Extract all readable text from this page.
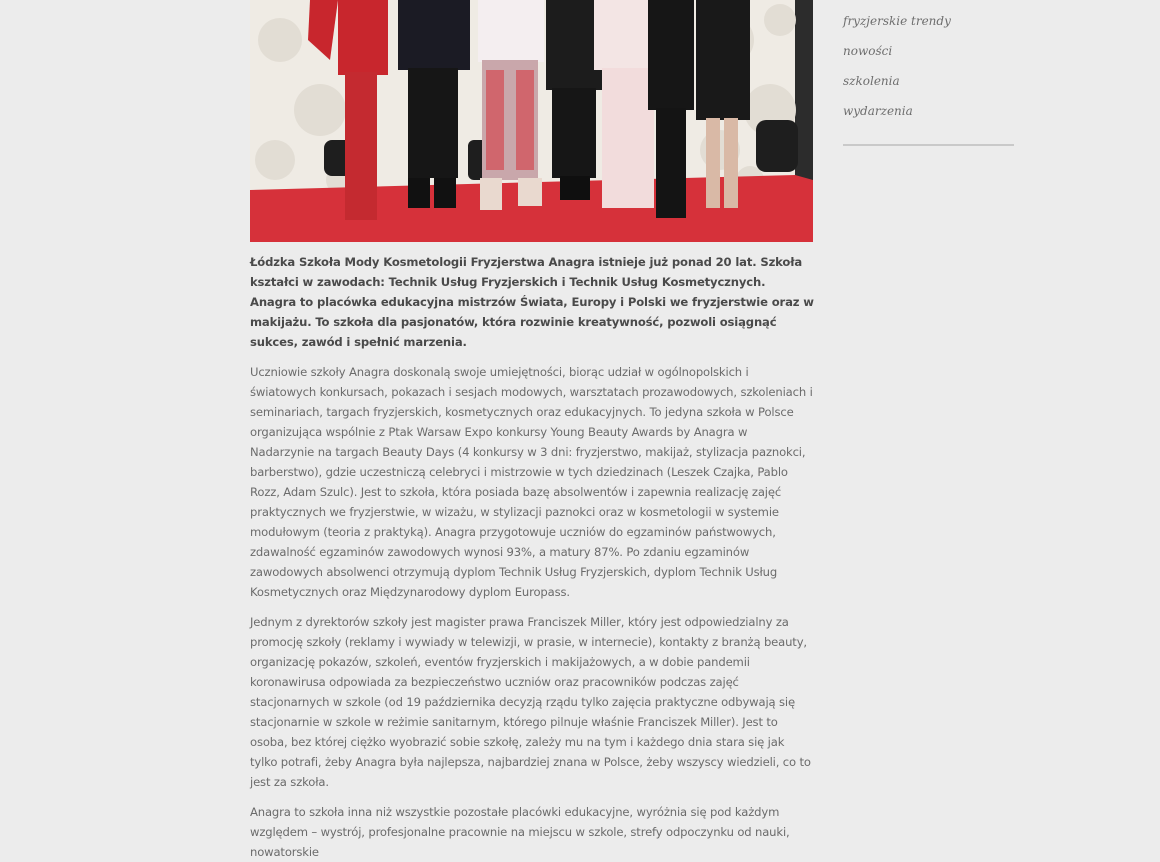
Łódzka Szkoła Mody Kosmetologii Fryzjerstwa Anagra istnieje już ponad 20 lat. Szkoła kształci w zawodach: Technik Usług Fryzjerskich i Technik Usług Kosmetycznych. Anagra to placówka edukacyjna mistrzów Świata, Europy i Polski we fryzjerstwie oraz w makijażu. To szkoła dla pasjonatów, która rozwinie kreatywność, pozwoli osiągnąć sukces, zawód i spełnić marzenia.

Uczniowie szkoły Anagra doskonalą swoje umiejętności, biorąc udział w ogólnopolskich i światowych konkursach, pokazach i sesjach modowych, warsztatach prozawodowych, szkoleniach i seminariach, targach fryzjerskich, kosmetycznych oraz edukacyjnych. To jedyna szkoła w Polsce organizująca wspólnie z Ptak Warsaw Expo konkursy Young Beauty Awards by Anagra w Nadarzynie na targach Beauty Days (4 konkursy w 3 dni: fryzjerstwo, makijaż, stylizacja paznokci, barberstwo), gdzie uczestniczą celebryci i mistrzowie w tych dziedzinach (Leszek Czajka, Pablo Rozz, Adam Szulc). Jest to szkoła, która posiada bazę absolwentów i zapewnia realizację zajęć praktycznych we fryzjerstwie, w wizażu, w stylizacji paznokci oraz w kosmetologii w systemie modułowym (teoria z praktyką). Anagra przygotowuje uczniów do egzaminów państwowych, zdawalność egzaminów zawodowych wynosi 93%, a matury 87%. Po zdaniu egzaminów zawodowych absolwenci otrzymują dyplom Technik Usług Fryzjerskich, dyplom Technik Usług Kosmetycznych oraz Międzynarodowy dyplom Europass.

Jednym z dyrektorów szkoły jest magister prawa Franciszek Miller, który jest odpowiedzialny za promocję szkoły (reklamy i wywiady w telewizji, w prasie, w internecie), kontakty z branżą beauty, organizację pokazów, szkoleń, eventów fryzjerskich i makijażowych, a w dobie pandemii koronawirusa odpowiada za bezpieczeństwo uczniów oraz pracowników podczas zajęć stacjonarnych w szkole (od 19 października decyzją rządu tylko zajęcia praktyczne odbywają się stacjonarnie w szkole w reżimie sanitarnym, którego pilnuje właśnie Franciszek Miller). Jest to osoba, bez której ciężko wyobrazić sobie szkołę, zależy mu na tym i każdego dnia stara się jak tylko potrafi, żeby Anagra była najlepsza, najbardziej znana w Polsce, żeby wszyscy wiedzieli, co to jest za szkoła.

Anagra to szkoła inna niż wszystkie pozostałe placówki edukacyjne, wyróżnia się pod każdym względem – wystrój, profesjonalne pracownie na miejscu w szkole, strefy odpoczynku od nauki, nowatorskie

fryzjerskie trendy
nowości
szkolenia
wydarzenia
